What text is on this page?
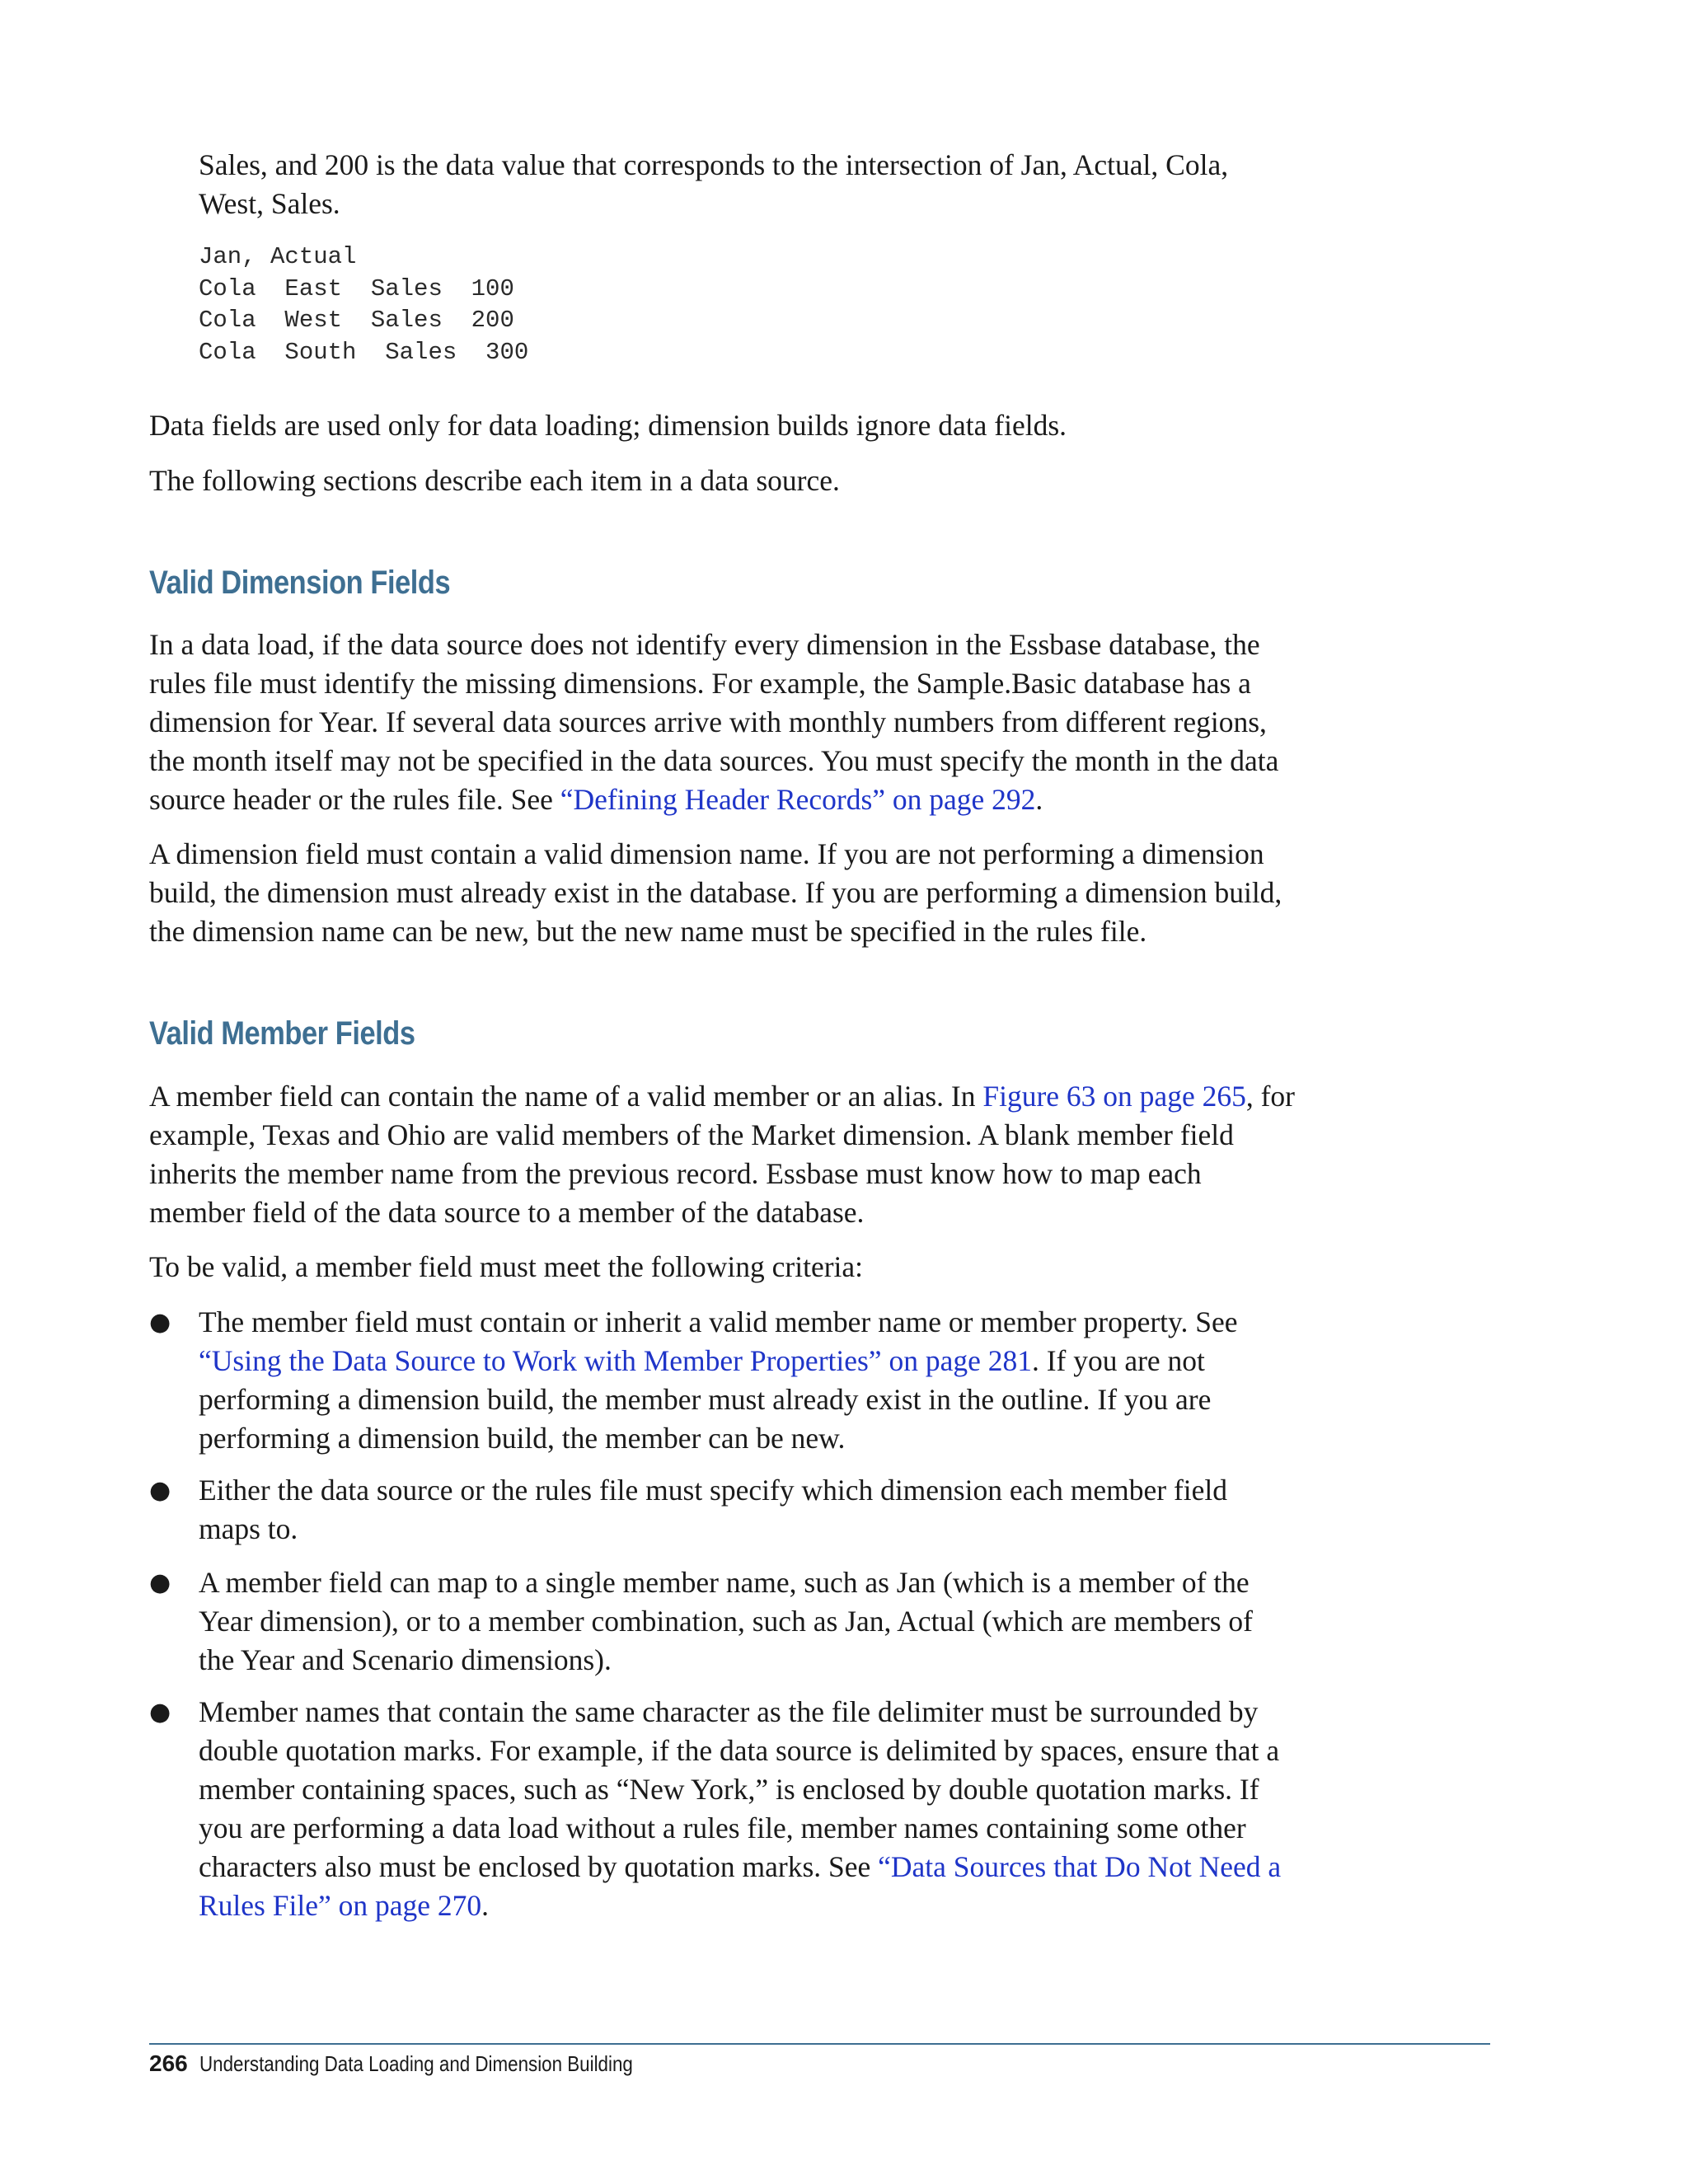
Sales, and 200 is the data value that corresponds to the intersection of Jan, Actual, Cola, West, Sales.

Jan, Actual
Cola  East  Sales  100
Cola  West  Sales  200
Cola  South  Sales  300

Data fields are used only for data loading; dimension builds ignore data fields.

The following sections describe each item in a data source.

Valid Dimension Fields

In a data load, if the data source does not identify every dimension in the Essbase database, the rules file must identify the missing dimensions. For example, the Sample.Basic database has a dimension for Year. If several data sources arrive with monthly numbers from different regions, the month itself may not be specified in the data sources. You must specify the month in the data source header or the rules file. See “Defining Header Records” on page 292.

A dimension field must contain a valid dimension name. If you are not performing a dimension build, the dimension must already exist in the database. If you are performing a dimension build, the dimension name can be new, but the new name must be specified in the rules file.

Valid Member Fields

A member field can contain the name of a valid member or an alias. In Figure 63 on page 265, for example, Texas and Ohio are valid members of the Market dimension. A blank member field inherits the member name from the previous record. Essbase must know how to map each member field of the data source to a member of the database.

To be valid, a member field must meet the following criteria:

● The member field must contain or inherit a valid member name or member property. See “Using the Data Source to Work with Member Properties” on page 281. If you are not performing a dimension build, the member must already exist in the outline. If you are performing a dimension build, the member can be new.

● Either the data source or the rules file must specify which dimension each member field maps to.

● A member field can map to a single member name, such as Jan (which is a member of the Year dimension), or to a member combination, such as Jan, Actual (which are members of the Year and Scenario dimensions).

● Member names that contain the same character as the file delimiter must be surrounded by double quotation marks. For example, if the data source is delimited by spaces, ensure that a member containing spaces, such as “New York,” is enclosed by double quotation marks. If you are performing a data load without a rules file, member names containing some other characters also must be enclosed by quotation marks. See “Data Sources that Do Not Need a Rules File” on page 270.

266 Understanding Data Loading and Dimension Building
